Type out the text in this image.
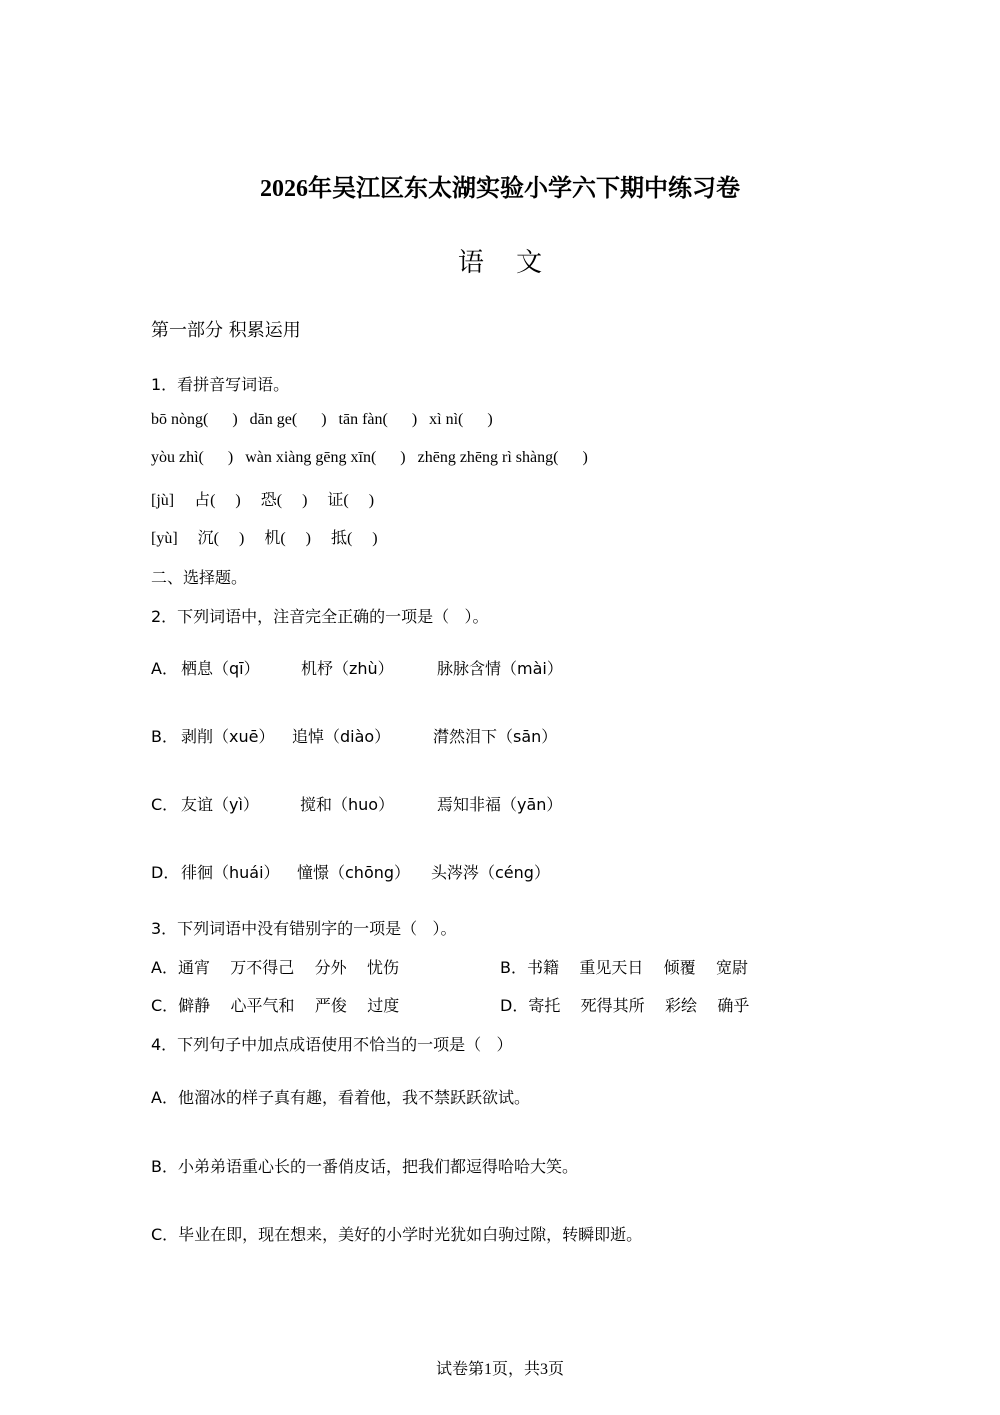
2026年吴江区东太湖实验小学六下期中练习卷
语 文
第一部分 积累运用
1．看拼音写词语。
bō nòng(      )   dān ge(      )   tān fàn(      )   xì nì(      )
yòu zhì(      )   wàn xiàng gēng xīn(      )   zhēng zhēng rì shàng(      )
[jù]     占(     )     恐(     )     证(     )
[yù]     沉(     )     机(     )     抵(     )
二、选择题。
2．下列词语中，注音完全正确的一项是（   ）。
A． 栖息（qī）	机杼（zhù）	脉脉含情（mài）
B． 剥削（xuē） 追悼（diào）	潸然泪下（sān）
C． 友谊（yì）	搅和（huo）	焉知非福（yān）
D． 徘徊（huái） 憧憬（chōng） 头涔涔（céng）
3．下列词语中没有错别字的一项是（   ）。
A．通宵    万不得己    分外    忧伤	B．书籍    重见天日    倾覆    宽尉
C．僻静    心平气和    严俊    过度	D．寄托    死得其所    彩绘    确乎
4．下列句子中加点成语使用不恰当的一项是（   ）
A．他溜冰的样子真有趣，看着他，我不禁跃跃欲试。
B．小弟弟语重心长的一番俏皮话，把我们都逗得哈哈大笑。
C．毕业在即，现在想来，美好的小学时光犹如白驹过隙，转瞬即逝。
试卷第1页，共3页
